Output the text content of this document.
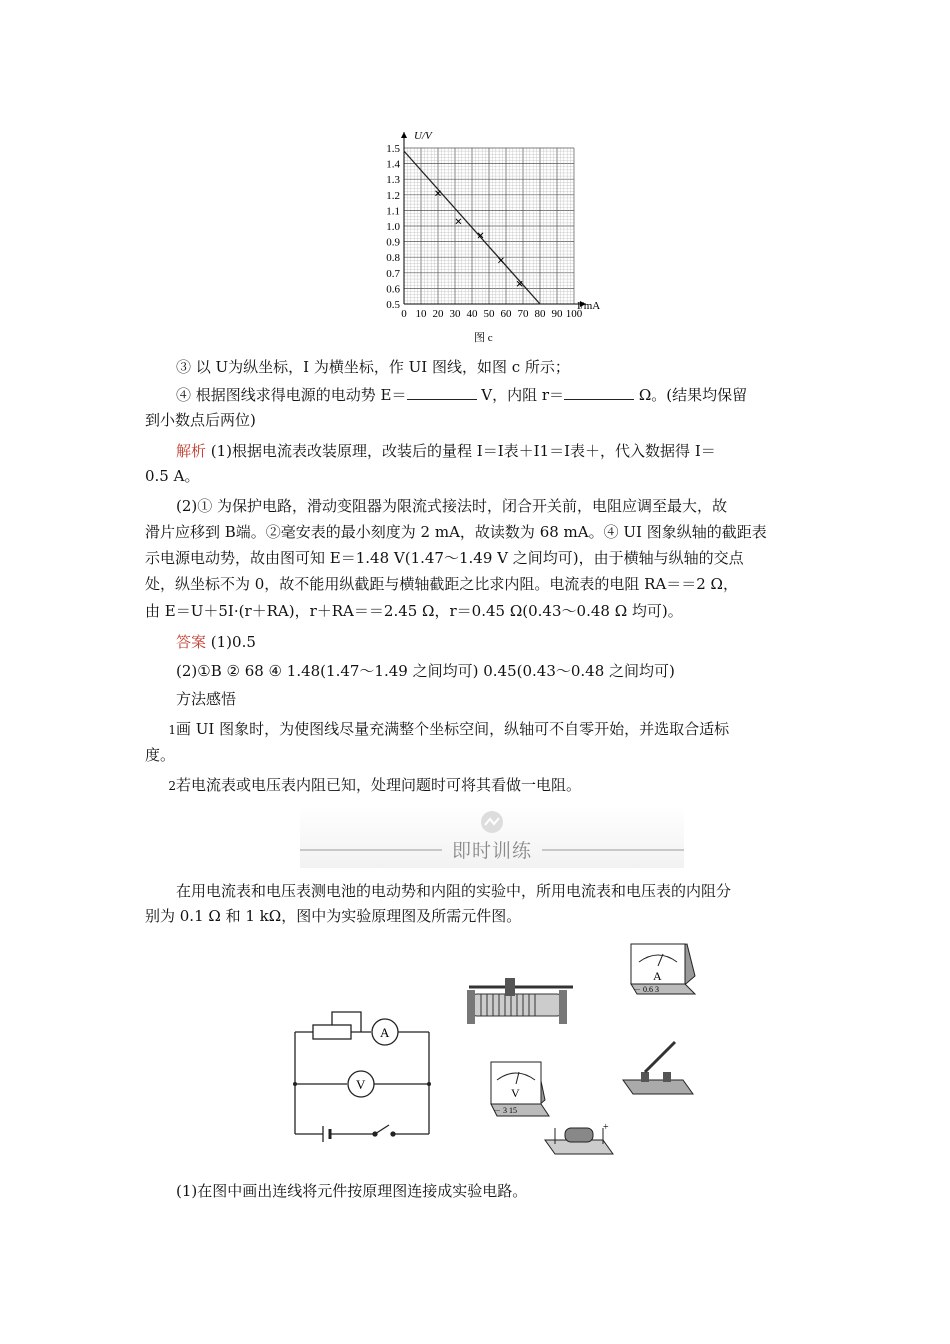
0.5
0.6
0.7
0.8
0.9
1.0
1.1
1.2
1.3
1.4
1.5
0 10 20 30 40 50 60 70 80 90 100
U/V
I/mA
图 c
③ 以 U为纵坐标，I 为横坐标，作 UI 图线，如图 c 所示；
④ 根据图线求得电源的电动势 E＝	V，内阻 r＝	Ω。(结果均保留
到小数点后两位)
解析 (1)根据电流表改装原理，改装后的量程 I＝I表＋I1＝I表＋，代入数据得 I＝
0.5 A。
(2)① 为保护电路，滑动变阻器为限流式接法时，闭合开关前，电阻应调至最大，故
滑片应移到 B端。②毫安表的最小刻度为 2 mA，故读数为 68 mA。④ UI 图象纵轴的截距表
示电源电动势，故由图可知 E＝1.48 V(1.47～1.49 V 之间均可)，由于横轴与纵轴的交点
处，纵坐标不为 0，故不能用纵截距与横轴截距之比求内阻。电流表的电阻 RA＝＝2 Ω，
由 E＝U＋5I·(r＋RA)，r＋RA＝＝2.45 Ω，r＝0.45 Ω(0.43～0.48 Ω 均可)。
答案 (1)0.5
(2)①B ② 68 ④ 1.48(1.47～1.49 之间均可) 0.45(0.43～0.48 之间均可)
方法感悟
1画 UI 图象时，为使图线尽量充满整个坐标空间，纵轴可不自零开始，并选取合适标
度。
2若电流表或电压表内阻已知，处理问题时可将其看做一电阻。
即时训练
在用电流表和电压表测电池的电动势和内阻的实验中，所用电流表和电压表的内阻分
别为 0.1 Ω 和 1 kΩ，图中为实验原理图及所需元件图。
A
V
A
－ 0.6 3
V
－ 3 15
+
(1)在图中画出连线将元件按原理图连接成实验电路。
